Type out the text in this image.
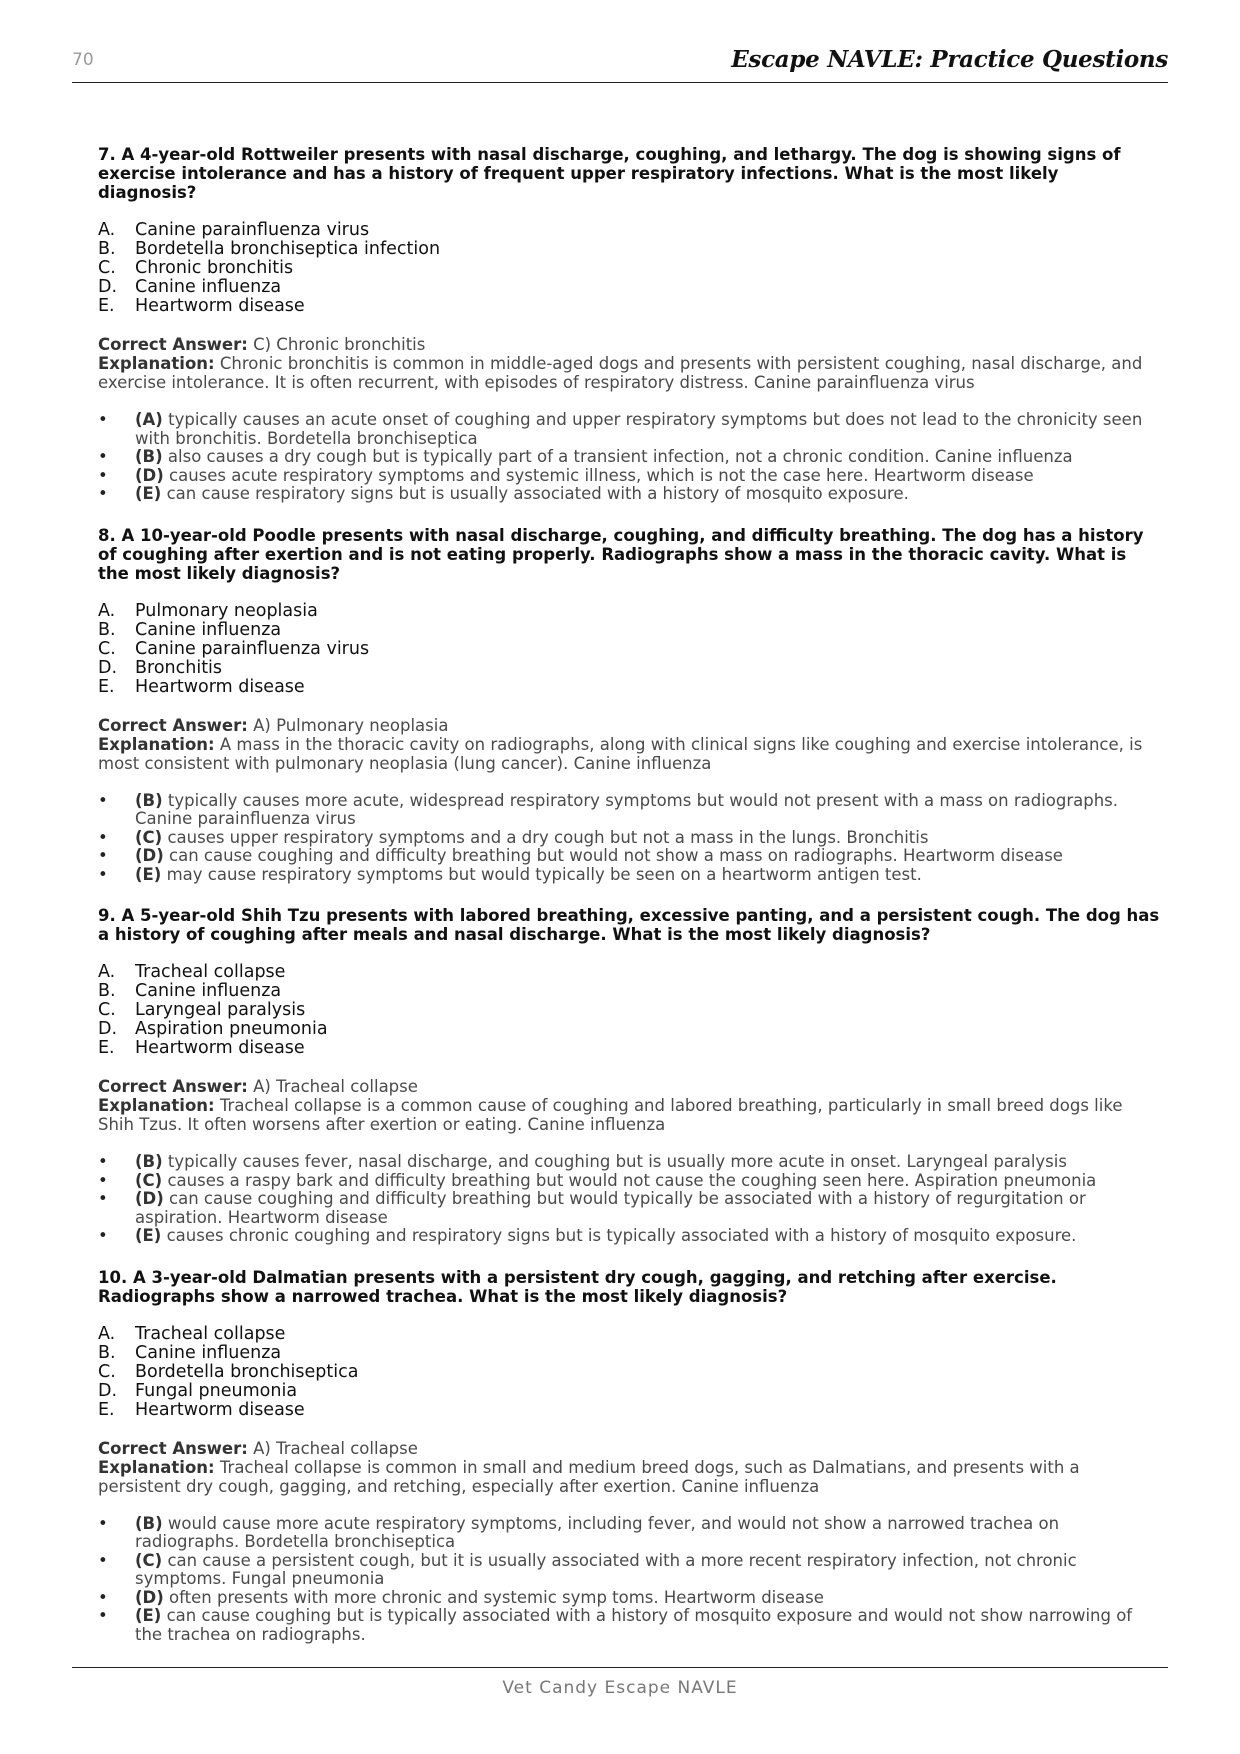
70	Escape NAVLE: Practice Questions

7. A 4-year-old Rottweiler presents with nasal discharge, coughing, and lethargy. The dog is showing signs of exercise intolerance and has a history of frequent upper respiratory infections. What is the most likely diagnosis?

A.	Canine parainfluenza virus
B.	Bordetella bronchiseptica infection
C.	Chronic bronchitis
D.	Canine influenza
E.	Heartworm disease
Correct Answer: C) Chronic bronchitis
Explanation: Chronic bronchitis is common in middle-aged dogs and presents with persistent coughing, nasal discharge, and exercise intolerance. It is often recurrent, with episodes of respiratory distress. Canine parainfluenza virus
• (A) typically causes an acute onset of coughing and upper respiratory symptoms but does not lead to the chronicity seen with bronchitis. Bordetella bronchiseptica
• (B) also causes a dry cough but is typically part of a transient infection, not a chronic condition. Canine influenza
• (D) causes acute respiratory symptoms and systemic illness, which is not the case here. Heartworm disease
• (E) can cause respiratory signs but is usually associated with a history of mosquito exposure.

8. A 10-year-old Poodle presents with nasal discharge, coughing, and difficulty breathing. The dog has a history of coughing after exertion and is not eating properly. Radiographs show a mass in the thoracic cavity. What is the most likely diagnosis?

A.	Pulmonary neoplasia
B.	Canine influenza
C.	Canine parainfluenza virus
D.	Bronchitis
E.	Heartworm disease
Correct Answer: A) Pulmonary neoplasia
Explanation: A mass in the thoracic cavity on radiographs, along with clinical signs like coughing and exercise intolerance, is most consistent with pulmonary neoplasia (lung cancer). Canine influenza
• (B) typically causes more acute, widespread respiratory symptoms but would not present with a mass on radiographs. Canine parainfluenza virus
• (C) causes upper respiratory symptoms and a dry cough but not a mass in the lungs. Bronchitis
• (D) can cause coughing and difficulty breathing but would not show a mass on radiographs. Heartworm disease
• (E) may cause respiratory symptoms but would typically be seen on a heartworm antigen test.

9. A 5-year-old Shih Tzu presents with labored breathing, excessive panting, and a persistent cough. The dog has a history of coughing after meals and nasal discharge. What is the most likely diagnosis?

A.	Tracheal collapse
B.	Canine influenza
C.	Laryngeal paralysis
D.	Aspiration pneumonia
E.	Heartworm disease
Correct Answer: A) Tracheal collapse
Explanation: Tracheal collapse is a common cause of coughing and labored breathing, particularly in small breed dogs like Shih Tzus. It often worsens after exertion or eating. Canine influenza
• (B) typically causes fever, nasal discharge, and coughing but is usually more acute in onset. Laryngeal paralysis
• (C) causes a raspy bark and difficulty breathing but would not cause the coughing seen here. Aspiration pneumonia
• (D) can cause coughing and difficulty breathing but would typically be associated with a history of regurgitation or aspiration. Heartworm disease
• (E) causes chronic coughing and respiratory signs but is typically associated with a history of mosquito exposure.

10. A 3-year-old Dalmatian presents with a persistent dry cough, gagging, and retching after exercise. Radiographs show a narrowed trachea. What is the most likely diagnosis?

A.	Tracheal collapse
B.	Canine influenza
C.	Bordetella bronchiseptica
D.	Fungal pneumonia
E.	Heartworm disease
Correct Answer: A) Tracheal collapse
Explanation: Tracheal collapse is common in small and medium breed dogs, such as Dalmatians, and presents with a persistent dry cough, gagging, and retching, especially after exertion. Canine influenza
• (B) would cause more acute respiratory symptoms, including fever, and would not show a narrowed trachea on radiographs. Bordetella bronchiseptica
• (C) can cause a persistent cough, but it is usually associated with a more recent respiratory infection, not chronic symptoms. Fungal pneumonia
• (D) often presents with more chronic and systemic symp toms. Heartworm disease
• (E) can cause coughing but is typically associated with a history of mosquito exposure and would not show narrowing of the trachea on radiographs.
Vet Candy Escape NAVLE
